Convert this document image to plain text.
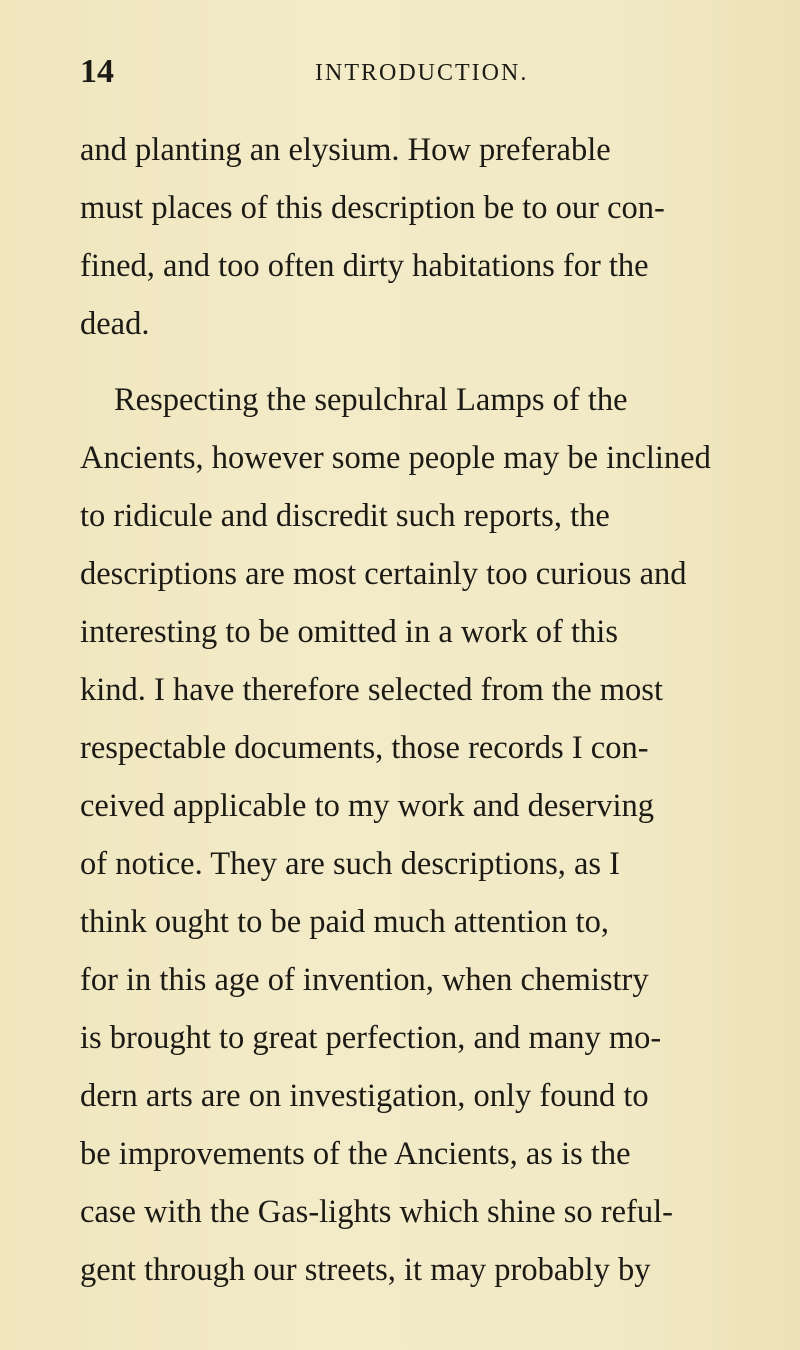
14	INTRODUCTION.
and planting an elysium. How preferable
must places of this description be to our con-
fined, and too often dirty habitations for the
dead.
Respecting the sepulchral Lamps of the
Ancients, however some people may be inclined
to ridicule and discredit such reports, the
descriptions are most certainly too curious and
interesting to be omitted in a work of this
kind. I have therefore selected from the most
respectable documents, those records I con-
ceived applicable to my work and deserving
of notice. They are such descriptions, as I
think ought to be paid much attention to,
for in this age of invention, when chemistry
is brought to great perfection, and many mo-
dern arts are on investigation, only found to
be improvements of the Ancients, as is the
case with the Gas-lights which shine so reful-
gent through our streets, it may probably by
